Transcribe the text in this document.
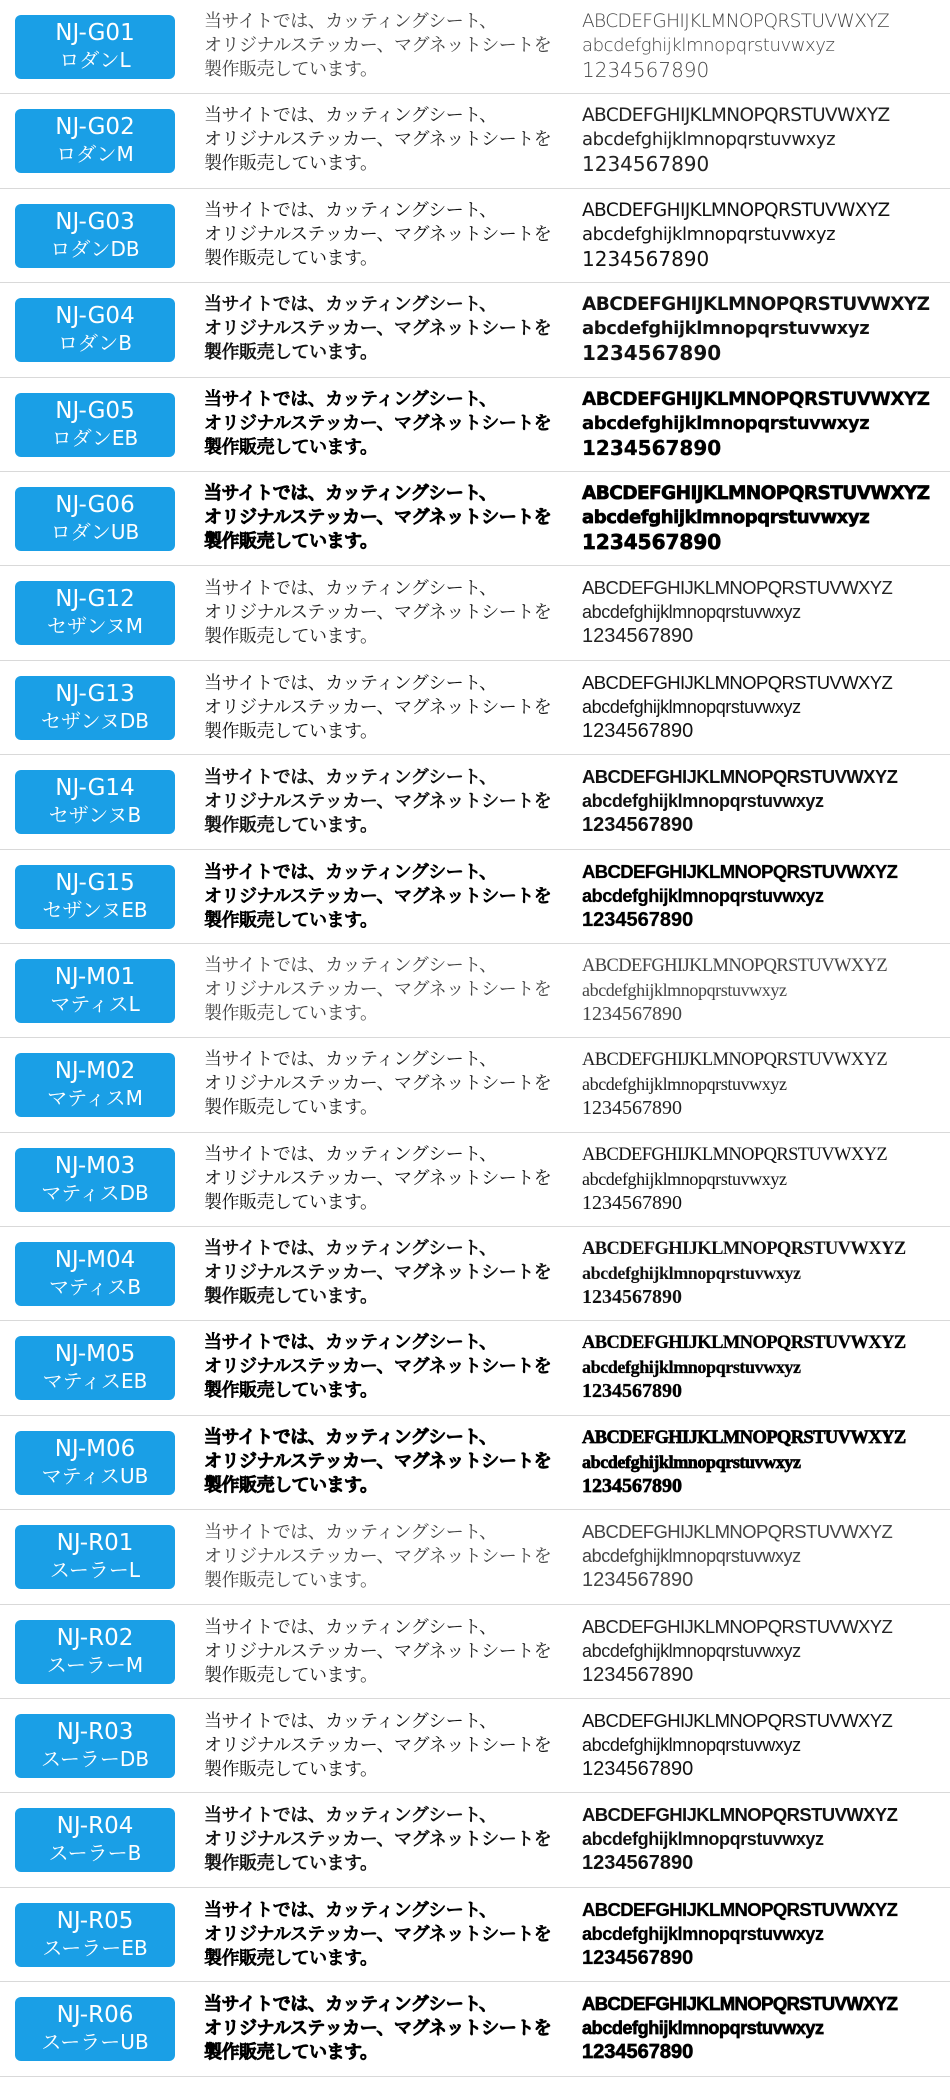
NJ-G01
ロダンL
当サイトでは、カッティングシート、
オリジナルステッカー、マグネットシートを
製作販売しています。
ABCDEFGHIJKLMNOPQRSTUVWXYZ
abcdefghijklmnopqrstuvwxyz
1234567890
NJ-G02
ロダンM
当サイトでは、カッティングシート、
オリジナルステッカー、マグネットシートを
製作販売しています。
ABCDEFGHIJKLMNOPQRSTUVWXYZ
abcdefghijklmnopqrstuvwxyz
1234567890
NJ-G03
ロダンDB
当サイトでは、カッティングシート、
オリジナルステッカー、マグネットシートを
製作販売しています。
ABCDEFGHIJKLMNOPQRSTUVWXYZ
abcdefghijklmnopqrstuvwxyz
1234567890
NJ-G04
ロダンB
当サイトでは、カッティングシート、
オリジナルステッカー、マグネットシートを
製作販売しています。
ABCDEFGHIJKLMNOPQRSTUVWXYZ
abcdefghijklmnopqrstuvwxyz
1234567890
NJ-G05
ロダンEB
当サイトでは、カッティングシート、
オリジナルステッカー、マグネットシートを
製作販売しています。
ABCDEFGHIJKLMNOPQRSTUVWXYZ
abcdefghijklmnopqrstuvwxyz
1234567890
NJ-G06
ロダンUB
当サイトでは、カッティングシート、
オリジナルステッカー、マグネットシートを
製作販売しています。
ABCDEFGHIJKLMNOPQRSTUVWXYZ
abcdefghijklmnopqrstuvwxyz
1234567890
NJ-G12
セザンヌM
当サイトでは、カッティングシート、
オリジナルステッカー、マグネットシートを
製作販売しています。
ABCDEFGHIJKLMNOPQRSTUVWXYZ
abcdefghijklmnopqrstuvwxyz
1234567890
NJ-G13
セザンヌDB
当サイトでは、カッティングシート、
オリジナルステッカー、マグネットシートを
製作販売しています。
ABCDEFGHIJKLMNOPQRSTUVWXYZ
abcdefghijklmnopqrstuvwxyz
1234567890
NJ-G14
セザンヌB
当サイトでは、カッティングシート、
オリジナルステッカー、マグネットシートを
製作販売しています。
ABCDEFGHIJKLMNOPQRSTUVWXYZ
abcdefghijklmnopqrstuvwxyz
1234567890
NJ-G15
セザンヌEB
当サイトでは、カッティングシート、
オリジナルステッカー、マグネットシートを
製作販売しています。
ABCDEFGHIJKLMNOPQRSTUVWXYZ
abcdefghijklmnopqrstuvwxyz
1234567890
NJ-M01
マティスL
当サイトでは、カッティングシート、
オリジナルステッカー、マグネットシートを
製作販売しています。
ABCDEFGHIJKLMNOPQRSTUVWXYZ
abcdefghijklmnopqrstuvwxyz
1234567890
NJ-M02
マティスM
当サイトでは、カッティングシート、
オリジナルステッカー、マグネットシートを
製作販売しています。
ABCDEFGHIJKLMNOPQRSTUVWXYZ
abcdefghijklmnopqrstuvwxyz
1234567890
NJ-M03
マティスDB
当サイトでは、カッティングシート、
オリジナルステッカー、マグネットシートを
製作販売しています。
ABCDEFGHIJKLMNOPQRSTUVWXYZ
abcdefghijklmnopqrstuvwxyz
1234567890
NJ-M04
マティスB
当サイトでは、カッティングシート、
オリジナルステッカー、マグネットシートを
製作販売しています。
ABCDEFGHIJKLMNOPQRSTUVWXYZ
abcdefghijklmnopqrstuvwxyz
1234567890
NJ-M05
マティスEB
当サイトでは、カッティングシート、
オリジナルステッカー、マグネットシートを
製作販売しています。
ABCDEFGHIJKLMNOPQRSTUVWXYZ
abcdefghijklmnopqrstuvwxyz
1234567890
NJ-M06
マティスUB
当サイトでは、カッティングシート、
オリジナルステッカー、マグネットシートを
製作販売しています。
ABCDEFGHIJKLMNOPQRSTUVWXYZ
abcdefghijklmnopqrstuvwxyz
1234567890
NJ-R01
スーラーL
当サイトでは、カッティングシート、
オリジナルステッカー、マグネットシートを
製作販売しています。
ABCDEFGHIJKLMNOPQRSTUVWXYZ
abcdefghijklmnopqrstuvwxyz
1234567890
NJ-R02
スーラーM
当サイトでは、カッティングシート、
オリジナルステッカー、マグネットシートを
製作販売しています。
ABCDEFGHIJKLMNOPQRSTUVWXYZ
abcdefghijklmnopqrstuvwxyz
1234567890
NJ-R03
スーラーDB
当サイトでは、カッティングシート、
オリジナルステッカー、マグネットシートを
製作販売しています。
ABCDEFGHIJKLMNOPQRSTUVWXYZ
abcdefghijklmnopqrstuvwxyz
1234567890
NJ-R04
スーラーB
当サイトでは、カッティングシート、
オリジナルステッカー、マグネットシートを
製作販売しています。
ABCDEFGHIJKLMNOPQRSTUVWXYZ
abcdefghijklmnopqrstuvwxyz
1234567890
NJ-R05
スーラーEB
当サイトでは、カッティングシート、
オリジナルステッカー、マグネットシートを
製作販売しています。
ABCDEFGHIJKLMNOPQRSTUVWXYZ
abcdefghijklmnopqrstuvwxyz
1234567890
NJ-R06
スーラーUB
当サイトでは、カッティングシート、
オリジナルステッカー、マグネットシートを
製作販売しています。
ABCDEFGHIJKLMNOPQRSTUVWXYZ
abcdefghijklmnopqrstuvwxyz
1234567890
